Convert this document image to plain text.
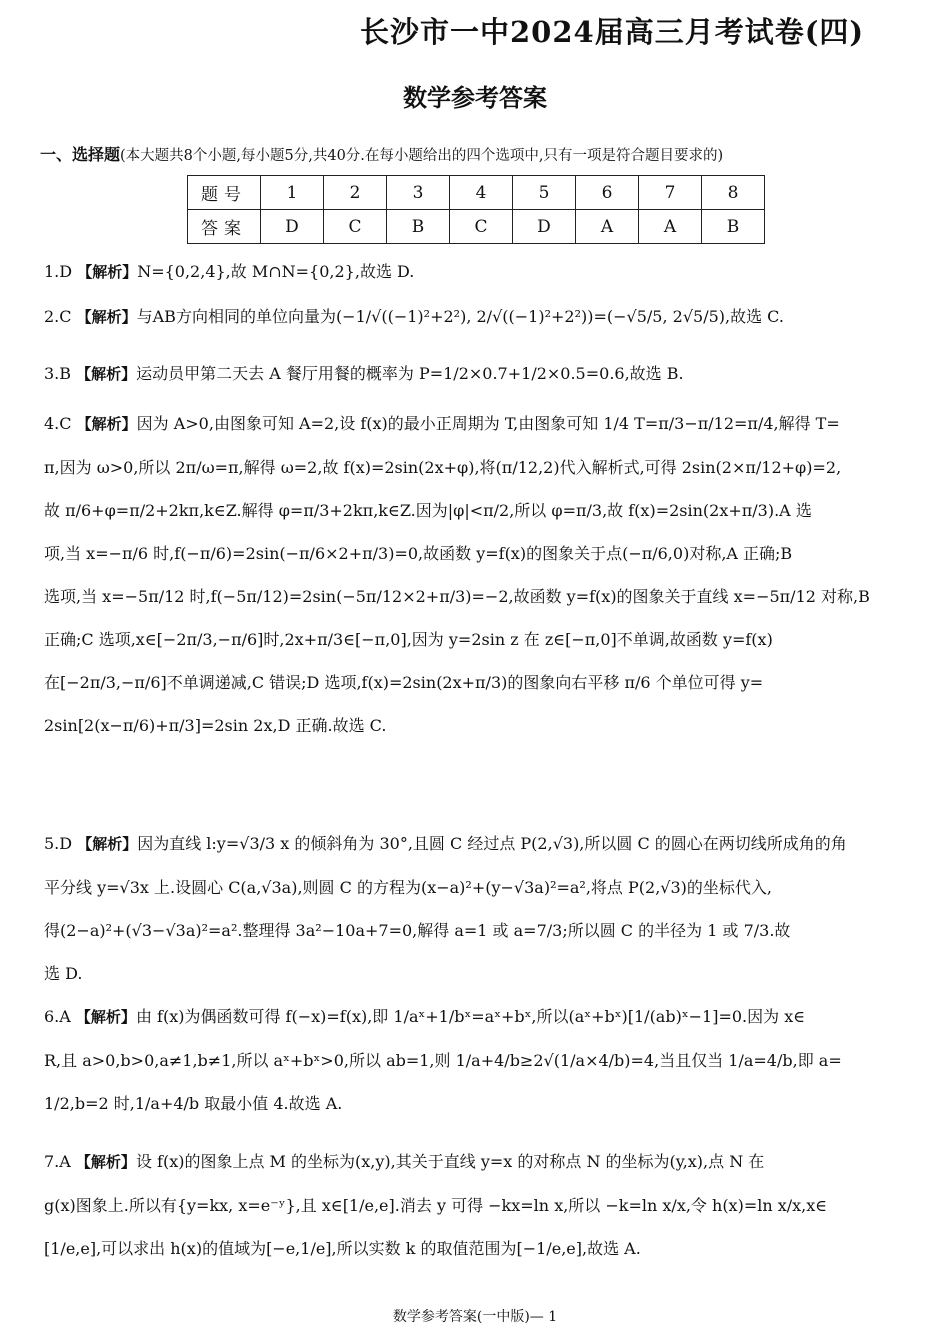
长沙市一中2024届高三月考试卷(四)
数学参考答案
一、选择题(本大题共8个小题,每小题5分,共40分.在每小题给出的四个选项中,只有一项是符合题目要求的)
题号	1	2	3	4	5	6	7	8
答案	D	C	B	C	D	A	A	B

1.D 【解析】N={0,2,4},故 M∩N={0,2},故选 D.

2.C 【解析】与AB方向相同的单位向量为(−1/√((−1)²+2²), 2/√((−1)²+2²))=(−√5/5, 2√5/5),故选 C.

3.B 【解析】运动员甲第二天去 A 餐厅用餐的概率为 P=1/2×0.7+1/2×0.5=0.6,故选 B.

4.C 【解析】因为 A>0,由图象可知 A=2,设 f(x)的最小正周期为 T,由图象可知 1/4 T=π/3−π/12=π/4,解得 T=

π,因为 ω>0,所以 2π/ω=π,解得 ω=2,故 f(x)=2sin(2x+φ),将(π/12,2)代入解析式,可得 2sin(2×π/12+φ)=2,

故 π/6+φ=π/2+2kπ,k∈Z.解得 φ=π/3+2kπ,k∈Z.因为|φ|<π/2,所以 φ=π/3,故 f(x)=2sin(2x+π/3).A 选

项,当 x=−π/6 时,f(−π/6)=2sin(−π/6×2+π/3)=0,故函数 y=f(x)的图象关于点(−π/6,0)对称,A 正确;B

选项,当 x=−5π/12 时,f(−5π/12)=2sin(−5π/12×2+π/3)=−2,故函数 y=f(x)的图象关于直线 x=−5π/12 对称,B

正确;C 选项,x∈[−2π/3,−π/6]时,2x+π/3∈[−π,0],因为 y=2sin z 在 z∈[−π,0]不单调,故函数 y=f(x)

在[−2π/3,−π/6]不单调递减,C 错误;D 选项,f(x)=2sin(2x+π/3)的图象向右平移 π/6 个单位可得 y=

2sin[2(x−π/6)+π/3]=2sin 2x,D 正确.故选 C.

5.D 【解析】因为直线 l:y=√3/3 x 的倾斜角为 30°,且圆 C 经过点 P(2,√3),所以圆 C 的圆心在两切线所成角的角

平分线 y=√3x 上.设圆心 C(a,√3a),则圆 C 的方程为(x−a)²+(y−√3a)²=a²,将点 P(2,√3)的坐标代入,

得(2−a)²+(√3−√3a)²=a².整理得 3a²−10a+7=0,解得 a=1 或 a=7/3;所以圆 C 的半径为 1 或 7/3.故

选 D.

6.A 【解析】由 f(x)为偶函数可得 f(−x)=f(x),即 1/aˣ+1/bˣ=aˣ+bˣ,所以(aˣ+bˣ)[1/(ab)ˣ−1]=0.因为 x∈

R,且 a>0,b>0,a≠1,b≠1,所以 aˣ+bˣ>0,所以 ab=1,则 1/a+4/b≥2√(1/a×4/b)=4,当且仅当 1/a=4/b,即 a=

1/2,b=2 时,1/a+4/b 取最小值 4.故选 A.

7.A 【解析】设 f(x)的图象上点 M 的坐标为(x,y),其关于直线 y=x 的对称点 N 的坐标为(y,x),点 N 在

g(x)图象上.所以有{y=kx, x=e⁻ʸ},且 x∈[1/e,e].消去 y 可得 −kx=ln x,所以 −k=ln x/x,令 h(x)=ln x/x,x∈

[1/e,e],可以求出 h(x)的值域为[−e,1/e],所以实数 k 的取值范围为[−1/e,e],故选 A.

数学参考答案(一中版)— 1
